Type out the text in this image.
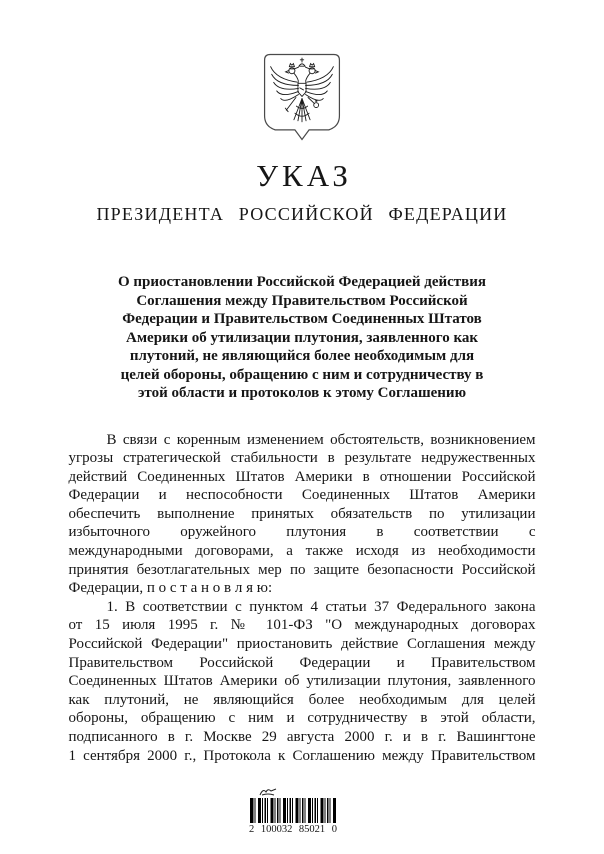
УКАЗ
ПРЕЗИДЕНТА РОССИЙСКОЙ ФЕДЕРАЦИИ
О приостановлении Российской Федерацией действия
Соглашения между Правительством Российской
Федерации и Правительством Соединенных Штатов
Америки об утилизации плутония, заявленного как
плутоний, не являющийся более необходимым для
целей обороны, обращению с ним и сотрудничеству в
этой области и протоколов к этому Соглашению
В связи с коренным изменением обстоятельств, возникновением
угрозы стратегической стабильности в результате недружественных
действий Соединенных Штатов Америки в отношении Российской
Федерации и неспособности Соединенных Штатов Америки
обеспечить выполнение принятых обязательств по утилизации
избыточного оружейного плутония в соответствии с
международными договорами, а также исходя из необходимости
принятия безотлагательных мер по защите безопасности Российской
Федерации, п о с т а н о в л я ю:
1. В соответствии с пунктом 4 статьи 37 Федерального закона
от 15 июля 1995 г. № 101-ФЗ "О международных договорах
Российской Федерации" приостановить действие Соглашения между
Правительством Российской Федерации и Правительством
Соединенных Штатов Америки об утилизации плутония, заявленного
как плутоний, не являющийся более необходимым для целей
обороны, обращению с ним и сотрудничеству в этой области,
подписанного в г. Москве 29 августа 2000 г. и в г. Вашингтоне
1 сентября 2000 г., Протокола к Соглашению между Правительством
2 100032 85021 0
